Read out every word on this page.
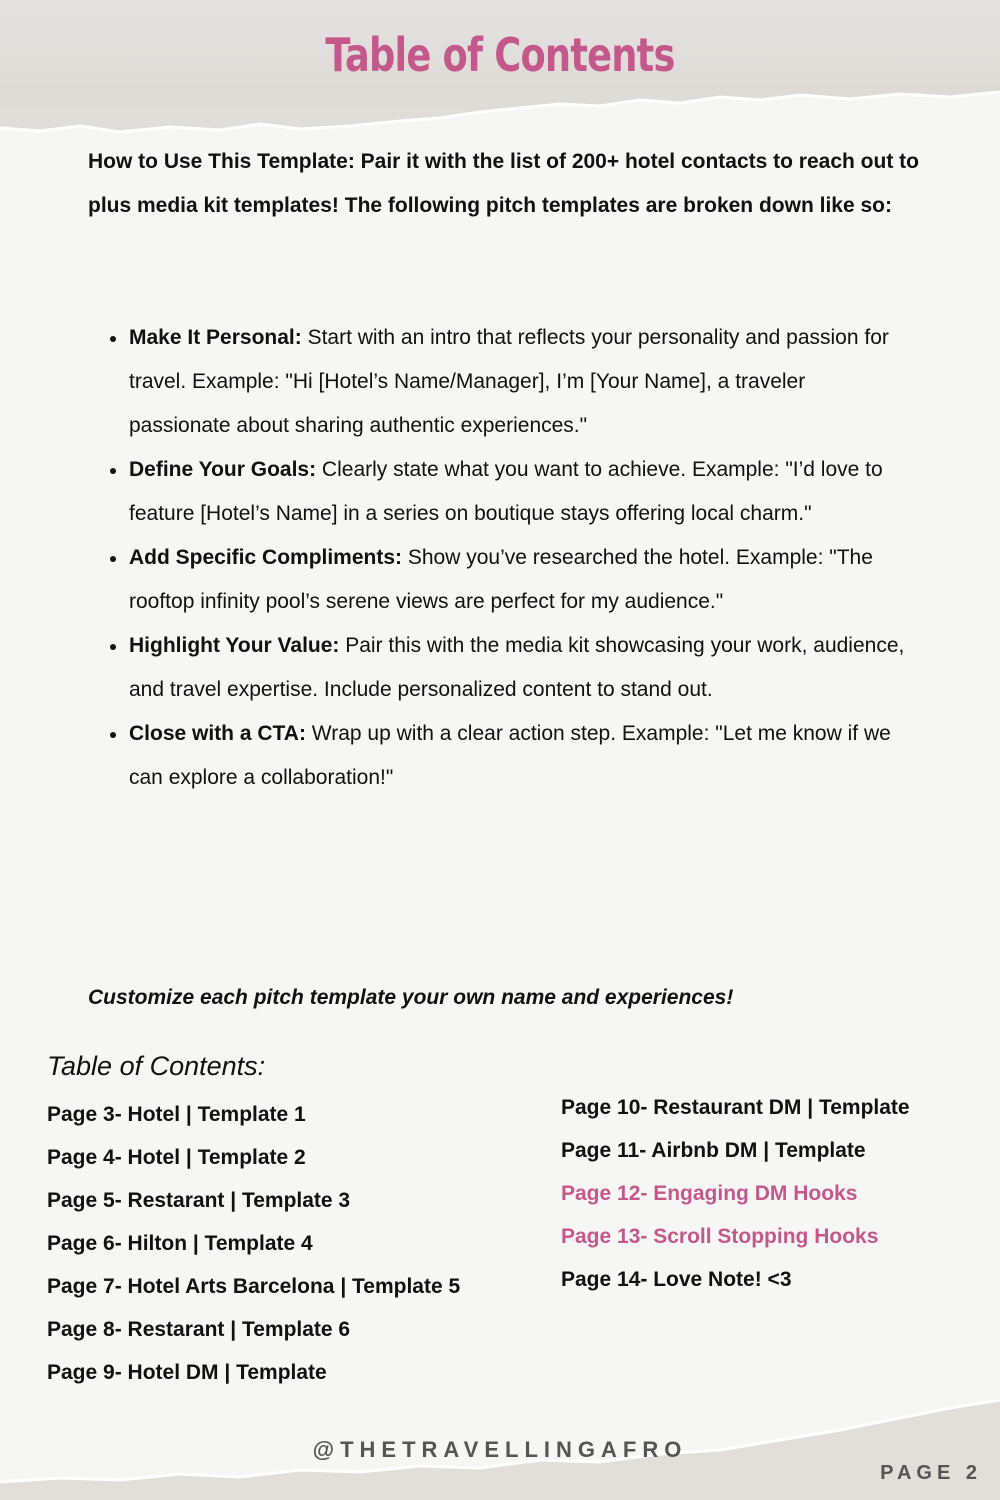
Table of Contents
How to Use This Template: Pair it with the list of 200+ hotel contacts to reach out to plus media kit templates! The following pitch templates are broken down like so:
Make It Personal: Start with an intro that reflects your personality and passion for travel. Example: "Hi [Hotel’s Name/Manager], I’m [Your Name], a traveler passionate about sharing authentic experiences."
Define Your Goals: Clearly state what you want to achieve. Example: "I’d love to feature [Hotel’s Name] in a series on boutique stays offering local charm."
Add Specific Compliments: Show you’ve researched the hotel. Example: "The rooftop infinity pool’s serene views are perfect for my audience."
Highlight Your Value: Pair this with the media kit showcasing your work, audience, and travel expertise. Include personalized content to stand out.
Close with a CTA: Wrap up with a clear action step. Example: "Let me know if we can explore a collaboration!"
Customize each pitch template your own name and experiences!
Table of Contents:
Page 3- Hotel | Template 1
Page 4- Hotel | Template 2
Page 5- Restarant | Template 3
Page 6- Hilton | Template 4
Page 7- Hotel Arts Barcelona | Template 5
Page 8- Restarant | Template 6
Page 9- Hotel DM | Template
Page 10- Restaurant DM | Template
Page 11- Airbnb DM | Template
Page 12- Engaging DM Hooks
Page 13- Scroll Stopping Hooks
Page 14- Love Note! <3
@THETRAVELLINGAFRO
PAGE 2
